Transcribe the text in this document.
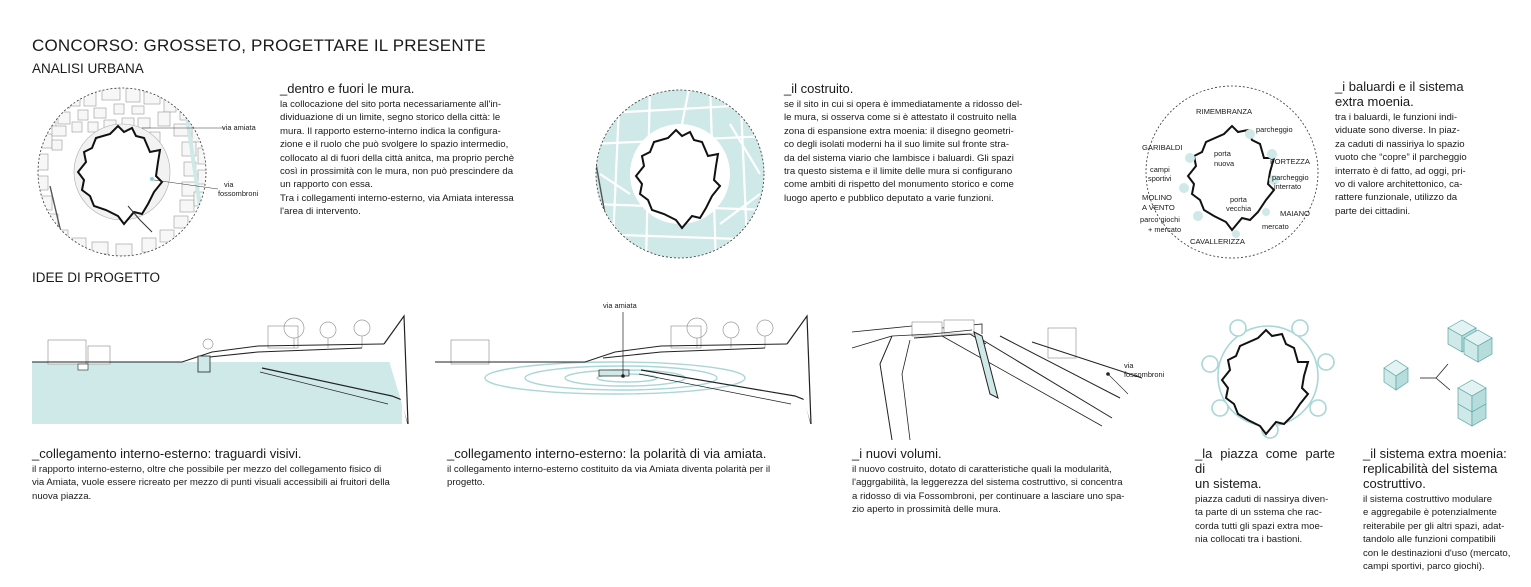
CONCORSO: GROSSETO, PROGETTARE IL PRESENTE
ANALISI URBANA
IDEE DI PROGETTO
via amiata
via
fossombroni
_dentro e fuori le mura.

la collocazione del sito porta necessariamente all'in-

dividuazione di un limite, segno storico della città: le

mura. Il rapporto esterno-interno indica la configura-

zione e il ruolo che può svolgere lo spazio intermedio,

collocato al di fuori della città anitca, ma proprio perchè

così in prossimità con le mura, non può prescindere da

un rapporto con essa.

Tra i collegamenti interno-esterno, via Amiata interessa

l'area di intervento.

_il costruito.

se il sito in cui si opera è immediatamente a ridosso del-

le mura, si osserva come si è attestato il costruito nella

zona di espansione extra moenia: il disegno geometri-

co degli isolati moderni ha il suo limite sul fronte stra-

da del sistema viario che lambisce i baluardi. Gli spazi

tra questo sistema e il limite delle mura si configurano

come ambiti di rispetto del monumento storico e come

luogo aperto e pubblico deputato a varie funzioni.

RIMEMBRANZA
parcheggio
FORTEZZA
GARIBALDI
porta
nuova
campi
sportivi	parcheggio
interrato
MOLINO
A VENTO
porta
vecchia
MAIANO
parco giochi
+ mercato	mercato
CAVALLERIZZA
_i baluardi e il sistema
extra moenia.

tra i baluardi, le funzioni indi-

viduate sono diverse. In piaz-

za caduti di nassiriya lo spazio

vuoto che “copre” il parcheggio

interrato è di fatto, ad oggi, pri-

vo di valore architettonico, ca-

rattere funzionale, utilizzo da

parte dei cittadini.

_collegamento interno-esterno: traguardi visivi.

il rapporto interno-esterno, oltre che possibile per mezzo del collegamento fisico di

via Amiata, vuole essere ricreato per mezzo di punti visuali accessibili ai fruitori della

nuova piazza.

via amiata
_collegamento interno-esterno: la polarità di via amiata.

il collegamento interno-esterno costituito da via Amiata diventa polarità per il

progetto.

via
fossombroni
_i nuovi volumi.

il nuovo costruito, dotato di caratteristiche quali la modularità,

l'aggrgabilità, la leggerezza del sistema costruttivo, si concentra

a ridosso di via Fossombroni, per continuare a lasciare uno spa-

zio aperto in prossimità delle mura.

_la piazza come parte di
un sistema.

piazza caduti di nassirya diven-

ta parte di un sstema che rac-

corda tutti gli spazi extra moe-

nia collocati tra i bastioni.

_il sistema extra moenia:
replicabilità del sistema
costruttivo.

il sistema costruttivo modulare

e aggregabile è potenzialmente

reiterabile per gli altri spazi, adat-

tandolo alle funzioni compatibili

con le destinazioni d'uso (mercato,

campi sportivi, parco giochi).
